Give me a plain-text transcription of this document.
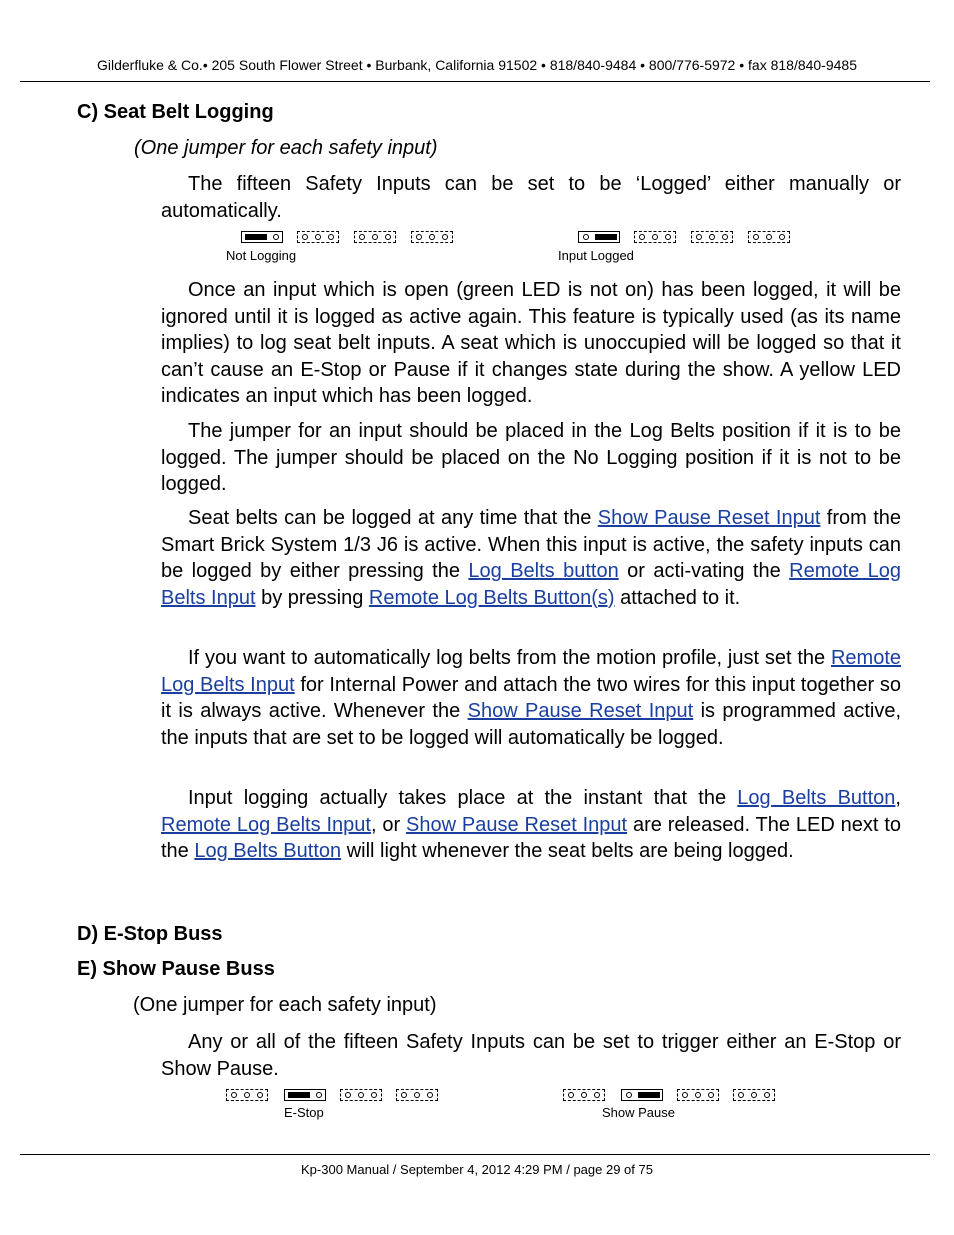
Gilderfluke & Co.• 205 South Flower Street • Burbank, California 91502 • 818/840-9484 • 800/776-5972 • fax 818/840-9485
C) Seat Belt Logging
(One jumper for each safety input)
The fifteen Safety Inputs can be set to be ‘Logged’ either manually or automatically.
Not Logging	Input Logged
Once an input which is open (green LED is not on) has been logged, it will be ignored until it is logged as active again. This feature is typically used (as its name implies) to log seat belt inputs. A seat which is unoccupied will be logged so that it can’t cause an E-Stop or Pause if it changes state during the show. A yellow LED indicates an input which has been logged.
The jumper for an input should be placed in the Log Belts position if it is to be logged. The jumper should be placed on the No Logging position if it is not to be logged.
Seat belts can be logged at any time that the Show Pause Reset Input from the Smart Brick System 1/3 J6 is active. When this input is active, the safety inputs can be logged by either pressing the Log Belts button or acti-vating the Remote Log Belts Input by pressing Remote Log Belts Button(s) attached to it.
If you want to automatically log belts from the motion profile, just set the Remote Log Belts Input for Internal Power and attach the two wires for this input together so it is always active. Whenever the Show Pause Reset Input is programmed active, the inputs that are set to be logged will automatically be logged.
Input logging actually takes place at the instant that the Log Belts Button, Remote Log Belts Input, or Show Pause Reset Input are released. The LED next to the Log Belts Button will light whenever the seat belts are being logged.
D) E-Stop Buss
E) Show Pause Buss
(One jumper for each safety input)
Any or all of the fifteen Safety Inputs can be set to trigger either an E-Stop or Show Pause.
E-Stop	Show Pause
Kp-300 Manual / September 4, 2012 4:29 PM / page 29 of 75
